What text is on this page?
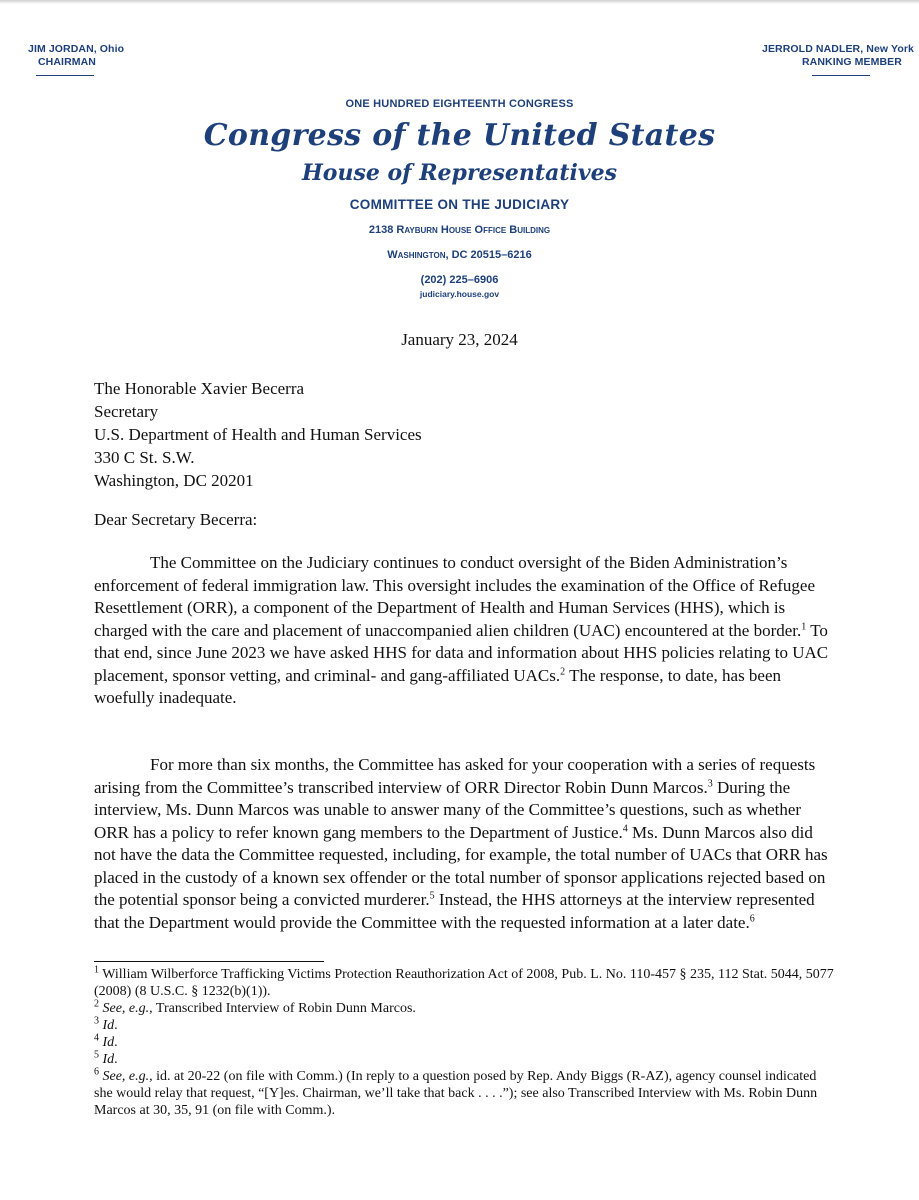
JIM JORDAN, Ohio
CHAIRMAN
JERROLD NADLER, New York
RANKING MEMBER
ONE HUNDRED EIGHTEENTH CONGRESS
Congress of the United States
House of Representatives
COMMITTEE ON THE JUDICIARY
2138 Rayburn House Office Building
Washington, DC 20515–6216
(202) 225–6906
judiciary.house.gov
January 23, 2024
The Honorable Xavier Becerra
Secretary
U.S. Department of Health and Human Services
330 C St. S.W.
Washington, DC 20201
Dear Secretary Becerra:
The Committee on the Judiciary continues to conduct oversight of the Biden Administration’s enforcement of federal immigration law. This oversight includes the examination of the Office of Refugee Resettlement (ORR), a component of the Department of Health and Human Services (HHS), which is charged with the care and placement of unaccompanied alien children (UAC) encountered at the border.$^1$ To that end, since June 2023 we have asked HHS for data and information about HHS policies relating to UAC placement, sponsor vetting, and criminal- and gang-affiliated UACs.$^2$ The response, to date, has been woefully inadequate.
For more than six months, the Committee has asked for your cooperation with a series of requests arising from the Committee’s transcribed interview of ORR Director Robin Dunn Marcos.$^3$ During the interview, Ms. Dunn Marcos was unable to answer many of the Committee’s questions, such as whether ORR has a policy to refer known gang members to the Department of Justice.$^4$ Ms. Dunn Marcos also did not have the data the Committee requested, including, for example, the total number of UACs that ORR has placed in the custody of a known sex offender or the total number of sponsor applications rejected based on the potential sponsor being a convicted murderer.$^5$ Instead, the HHS attorneys at the interview represented that the Department would provide the Committee with the requested information at a later date.$^6$
$^1$ William Wilberforce Trafficking Victims Protection Reauthorization Act of 2008, Pub. L. No. 110-457 § 235, 112 Stat. 5044, 5077 (2008) (8 U.S.C. § 1232(b)(1)).
$^2$ See, e.g., Transcribed Interview of Robin Dunn Marcos.
$^3$ Id.
$^4$ Id.
$^5$ Id.
$^6$ See, e.g., id. at 20-22 (on file with Comm.) (In reply to a question posed by Rep. Andy Biggs (R-AZ), agency counsel indicated she would relay that request, “[Y]es. Chairman, we’ll take that back . . . .”); see also Transcribed Interview with Ms. Robin Dunn Marcos at 30, 35, 91 (on file with Comm.).
